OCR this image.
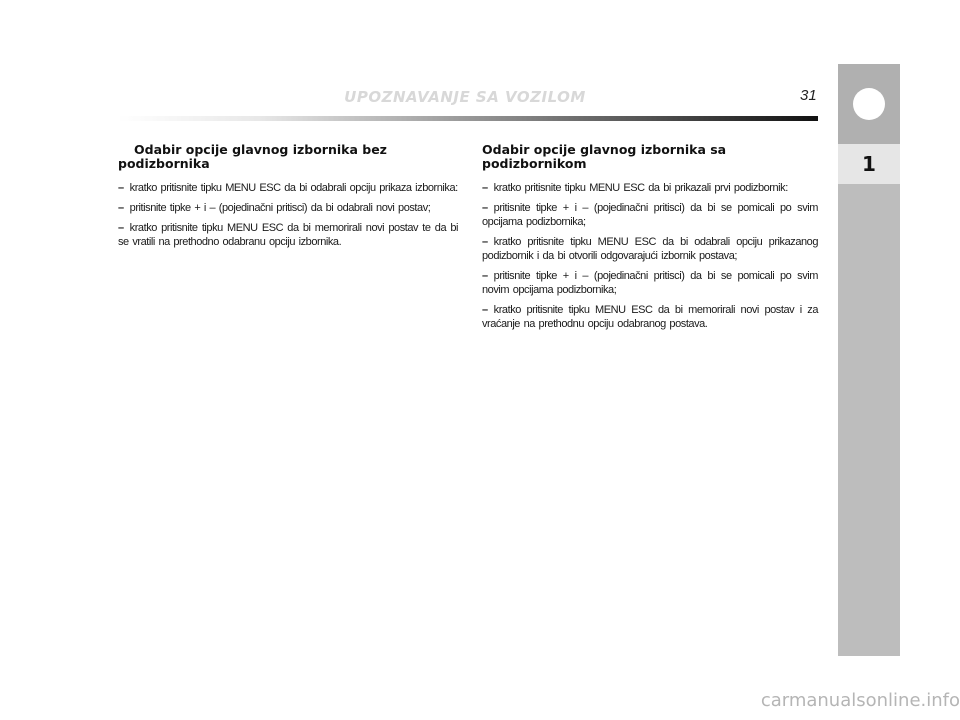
UPOZNAVANJE SA VOZILOM	31
Odabir opcije glavnog izbornika bez podizbornika

– kratko pritisnite tipku MENU ESC da bi odabrali opciju prikaza izbornika:

– pritisnite tipke + i – (pojedinačni pritisci) da bi odabrali novi postav;

– kratko pritisnite tipku MENU ESC da bi memorirali novi postav te da bi se vratili na prethodno odabranu opciju izbornika.

Odabir opcije glavnog izbornika sa podizbornikom

– kratko pritisnite tipku MENU ESC da bi prikazali prvi podizbornik:

– pritisnite tipke + i – (pojedinačni pritisci) da bi se pomicali po svim opcijama podizbornika;

– kratko pritisnite tipku MENU ESC da bi odabrali opciju prikazanog podizbornik i da bi otvorili odgovarajući izbornik postava;

– pritisnite tipke + i – (pojedinačni pritisci) da bi se pomicali po svim novim opcijama podizbornika;

– kratko pritisnite tipku MENU ESC da bi memorirali novi postav i za vraćanje na prethodnu opciju odabranog postava.

1
carmanualsonline.info
